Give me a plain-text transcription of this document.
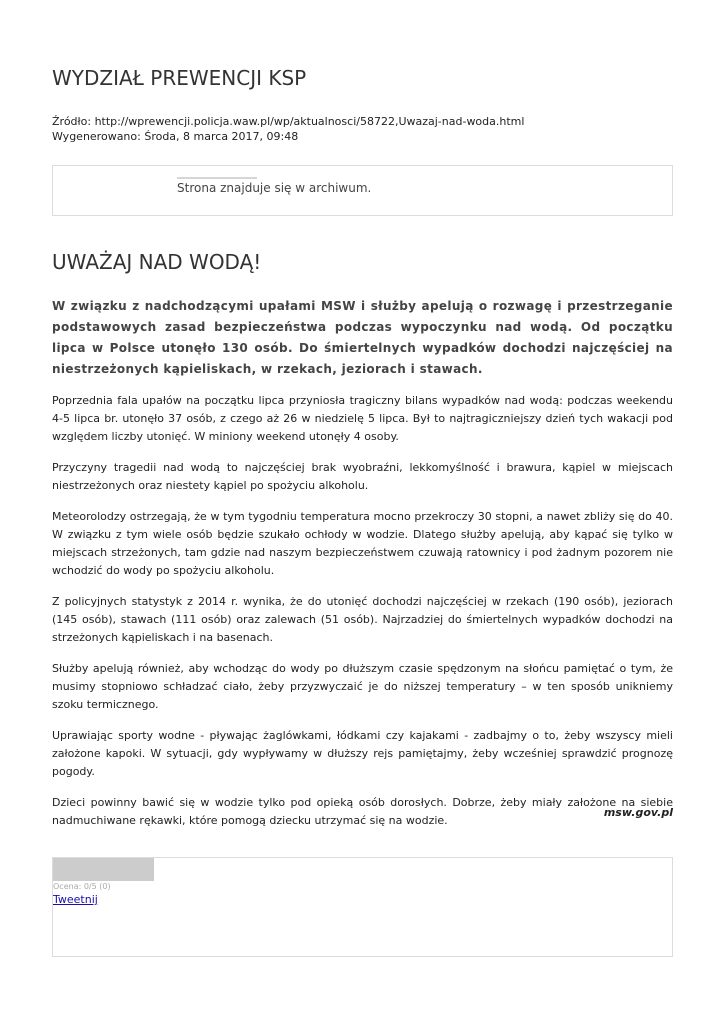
WYDZIAŁ PREWENCJI KSP
Źródło: http://wprewencji.policja.waw.pl/wp/aktualnosci/58722,Uwazaj-nad-woda.html
Wygenerowano: Środa, 8 marca 2017, 09:48
Strona znajduje się w archiwum.
UWAŻAJ NAD WODĄ!

W związku z nadchodzącymi upałami MSW i służby apelują o rozwagę i przestrzeganie podstawowych zasad bezpieczeństwa podczas wypoczynku nad wodą. Od początku lipca w Polsce utonęło 130 osób. Do śmiertelnych wypadków dochodzi najczęściej na niestrzeżonych kąpieliskach, w rzekach, jeziorach i stawach.

Poprzednia fala upałów na początku lipca przyniosła tragiczny bilans wypadków nad wodą: podczas weekendu 4-5 lipca br. utonęło 37 osób, z czego aż 26 w niedzielę 5 lipca. Był to najtragiczniejszy dzień tych wakacji pod względem liczby utonięć. W miniony weekend utonęły 4 osoby.

Przyczyny tragedii nad wodą to najczęściej brak wyobraźni, lekkomyślność i brawura, kąpiel w miejscach niestrzeżonych oraz niestety kąpiel po spożyciu alkoholu.

Meteorolodzy ostrzegają, że w tym tygodniu temperatura mocno przekroczy 30 stopni, a nawet zbliży się do 40. W związku z tym wiele osób będzie szukało ochłody w wodzie. Dlatego służby apelują, aby kąpać się tylko w miejscach strzeżonych, tam gdzie nad naszym bezpieczeństwem czuwają ratownicy i pod żadnym pozorem nie wchodzić do wody po spożyciu alkoholu.

Z policyjnych statystyk z 2014 r. wynika, że do utonięć dochodzi najczęściej w rzekach (190 osób), jeziorach (145 osób), stawach (111 osób) oraz zalewach (51 osób). Najrzadziej do śmiertelnych wypadków dochodzi na strzeżonych kąpieliskach i na basenach.

Służby apelują również, aby wchodząc do wody po dłuższym czasie spędzonym na słońcu pamiętać o tym, że musimy stopniowo schładzać ciało, żeby przyzwyczaić je do niższej temperatury – w ten sposób unikniemy szoku termicznego.

Uprawiając sporty wodne - pływając żaglówkami, łódkami czy kajakami - zadbajmy o to, żeby wszyscy mieli założone kapoki. W sytuacji, gdy wypływamy w dłuższy rejs pamiętajmy, żeby wcześniej sprawdzić prognozę pogody.

Dzieci powinny bawić się w wodzie tylko pod opieką osób dorosłych. Dobrze, żeby miały założone na siebie nadmuchiwane rękawki, które pomogą dziecku utrzymać się na wodzie.

msw.gov.pl
Ocena: 0/5 (0)
Tweetnij
